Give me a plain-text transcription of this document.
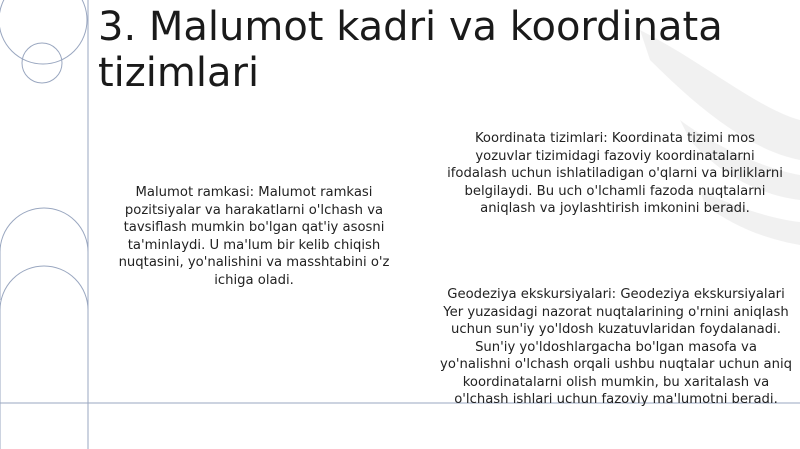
3. Malumot kadri va koordinata tizimlari
Malumot ramkasi: Malumot ramkasi pozitsiyalar va harakatlarni o'lchash va tavsiflash mumkin bo'lgan qat'iy asosni ta'minlaydi. U ma'lum bir kelib chiqish nuqtasini, yo'nalishini va masshtabini o'z ichiga oladi.
Koordinata tizimlari: Koordinata tizimi mos yozuvlar tizimidagi fazoviy koordinatalarni ifodalash uchun ishlatiladigan o'qlarni va birliklarni belgilaydi. Bu uch o'lchamli fazoda nuqtalarni aniqlash va joylashtirish imkonini beradi.
Geodeziya ekskursiyalari: Geodeziya ekskursiyalari Yer yuzasidagi nazorat nuqtalarining o'rnini aniqlash uchun sun'iy yo'ldosh kuzatuvlaridan foydalanadi. Sun'iy yo'ldoshlargacha bo'lgan masofa va yo'nalishni o'lchash orqali ushbu nuqtalar uchun aniq koordinatalarni olish mumkin, bu xaritalash va o'lchash ishlari uchun fazoviy ma'lumotni beradi.
